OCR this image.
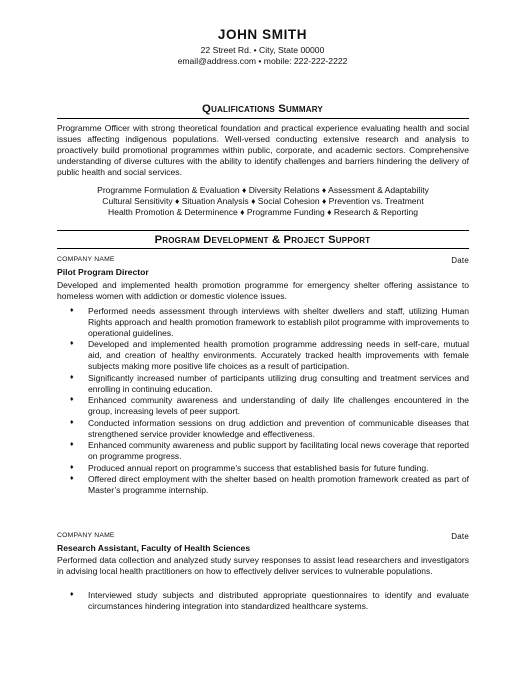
JOHN SMITH
22 Street Rd. • City, State 00000
email@address.com • mobile: 222-222-2222
Qualifications Summary

Programme Officer with strong theoretical foundation and practical experience evaluating health and social issues affecting indigenous populations. Well-versed conducting extensive research and analysis to proactively build promotional programmes within public, corporate, and academic sectors. Comprehensive understanding of diverse cultures with the ability to identify challenges and barriers hindering the delivery of public health and social services.

Programme Formulation & Evaluation ♦ Diversity Relations ♦ Assessment & Adaptability
Cultural Sensitivity ♦ Situation Analysis ♦ Social Cohesion ♦ Prevention vs. Treatment
Health Promotion & Determinence ♦ Programme Funding ♦ Research & Reporting
Program Development & Project Support
COMPANY NAME	Date
Pilot Program Director

Developed and implemented health promotion programme for emergency shelter offering assistance to homeless women with addiction or domestic violence issues.

♦ Performed needs assessment through interviews with shelter dwellers and staff, utilizing Human Rights approach and health promotion framework to establish pilot programme with improvements to operational guidelines.
♦ Developed and implemented health promotion programme addressing needs in self-care, mutual aid, and creation of healthy environments. Accurately tracked health improvements with female subjects making more positive life choices as a result of participation.
♦ Significantly increased number of participants utilizing drug consulting and treatment services and enrolling in continuing education.
♦ Enhanced community awareness and understanding of daily life challenges encountered in the group, increasing levels of peer support.
♦ Conducted information sessions on drug addiction and prevention of communicable diseases that strengthened service provider knowledge and effectiveness.
♦ Enhanced community awareness and public support by facilitating local news coverage that reported on programme progress.
♦ Produced annual report on programme’s success that established basis for future funding.
♦ Offered direct employment with the shelter based on health promotion framework created as part of Master’s programme internship.
COMPANY NAME	Date
Research Assistant, Faculty of Health Sciences

Performed data collection and analyzed study survey responses to assist lead researchers and investigators in advising local health practitioners on how to effectively deliver services to vulnerable populations.

♦ Interviewed study subjects and distributed appropriate questionnaires to identify and evaluate circumstances hindering integration into standardized healthcare systems.
